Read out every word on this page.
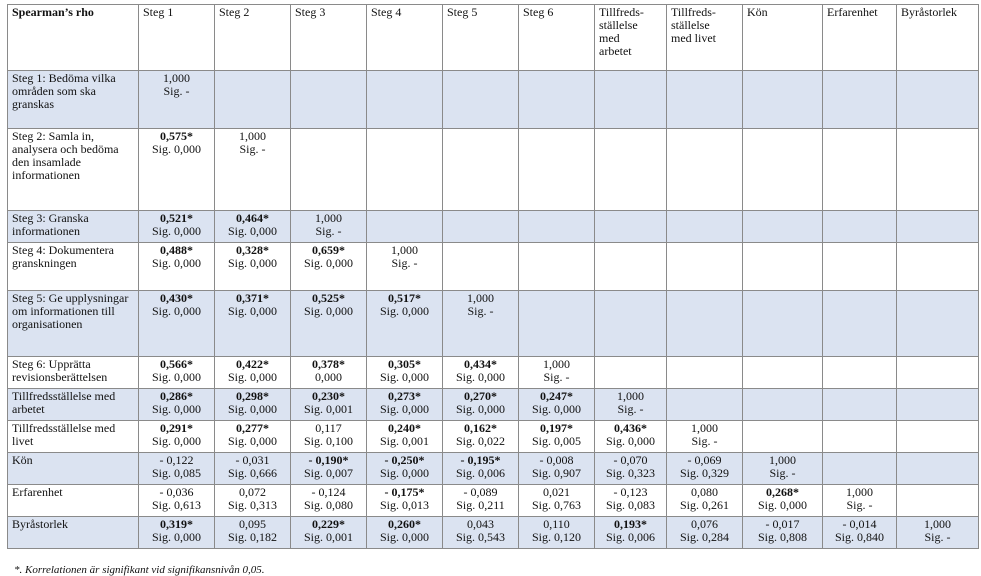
Spearman’s rho	Steg 1	Steg 2	Steg 3	Steg 4	Steg 5	Steg 6	Tillfreds-
ställelse
med
arbetet	Tillfreds-
ställelse
med livet	Kön	Erfarenhet	Byråstorlek
Steg 1: Bedöma vilka områden som ska granskas	1,000
Sig. -										

Steg 2: Samla in, analysera och bedöma den insamlade informationen	0,575*
Sig. 0,000	1,000
Sig. -									

Steg 3: Granska informationen	0,521*
Sig. 0,000	0,464*
Sig. 0,000	1,000
Sig. -								

Steg 4: Dokumentera granskningen	0,488*
Sig. 0,000	0,328*
Sig. 0,000	0,659*
Sig. 0,000	1,000
Sig. -							

Steg 5: Ge upplysningar om informationen till organisationen	0,430*
Sig. 0,000	0,371*
Sig. 0,000	0,525*
Sig. 0,000	0,517*
Sig. 0,000	1,000
Sig. -						

Steg 6: Upprätta revisionsberättelsen	0,566*
Sig. 0,000	0,422*
Sig. 0,000	0,378*
0,000	0,305*
Sig. 0,000	0,434*
Sig. 0,000	1,000
Sig. -					

Tillfredsställelse med arbetet	0,286*
Sig. 0,000	0,298*
Sig. 0,000	0,230*
Sig. 0,001	0,273*
Sig. 0,000	0,270*
Sig. 0,000	0,247*
Sig. 0,000	1,000
Sig. -				

Tillfredsställelse med livet	0,291*
Sig. 0,000	0,277*
Sig. 0,000	0,117
Sig. 0,100	0,240*
Sig. 0,001	0,162*
Sig. 0,022	0,197*
Sig. 0,005	0,436*
Sig. 0,000	1,000
Sig. -			

Kön	- 0,122
Sig. 0,085	- 0,031
Sig. 0,666	- 0,190*
Sig. 0,007	- 0,250*
Sig. 0,000	- 0,195*
Sig. 0,006	- 0,008
Sig. 0,907	- 0,070
Sig. 0,323	- 0,069
Sig. 0,329	1,000
Sig. -		

Erfarenhet	- 0,036
Sig. 0,613	0,072
Sig. 0,313	- 0,124
Sig. 0,080	- 0,175*
Sig. 0,013	- 0,089
Sig. 0,211	0,021
Sig. 0,763	- 0,123
Sig. 0,083	0,080
Sig. 0,261	0,268*
Sig. 0,000	1,000
Sig. -	

Byråstorlek	0,319*
Sig. 0,000	0,095
Sig. 0,182	0,229*
Sig. 0,001	0,260*
Sig. 0,000	0,043
Sig. 0,543	0,110
Sig. 0,120	0,193*
Sig. 0,006	0,076
Sig. 0,284	- 0,017
Sig. 0,808	- 0,014
Sig. 0,840	1,000
Sig. -
*. Korrelationen är signifikant vid signifikansnivån 0,05.
